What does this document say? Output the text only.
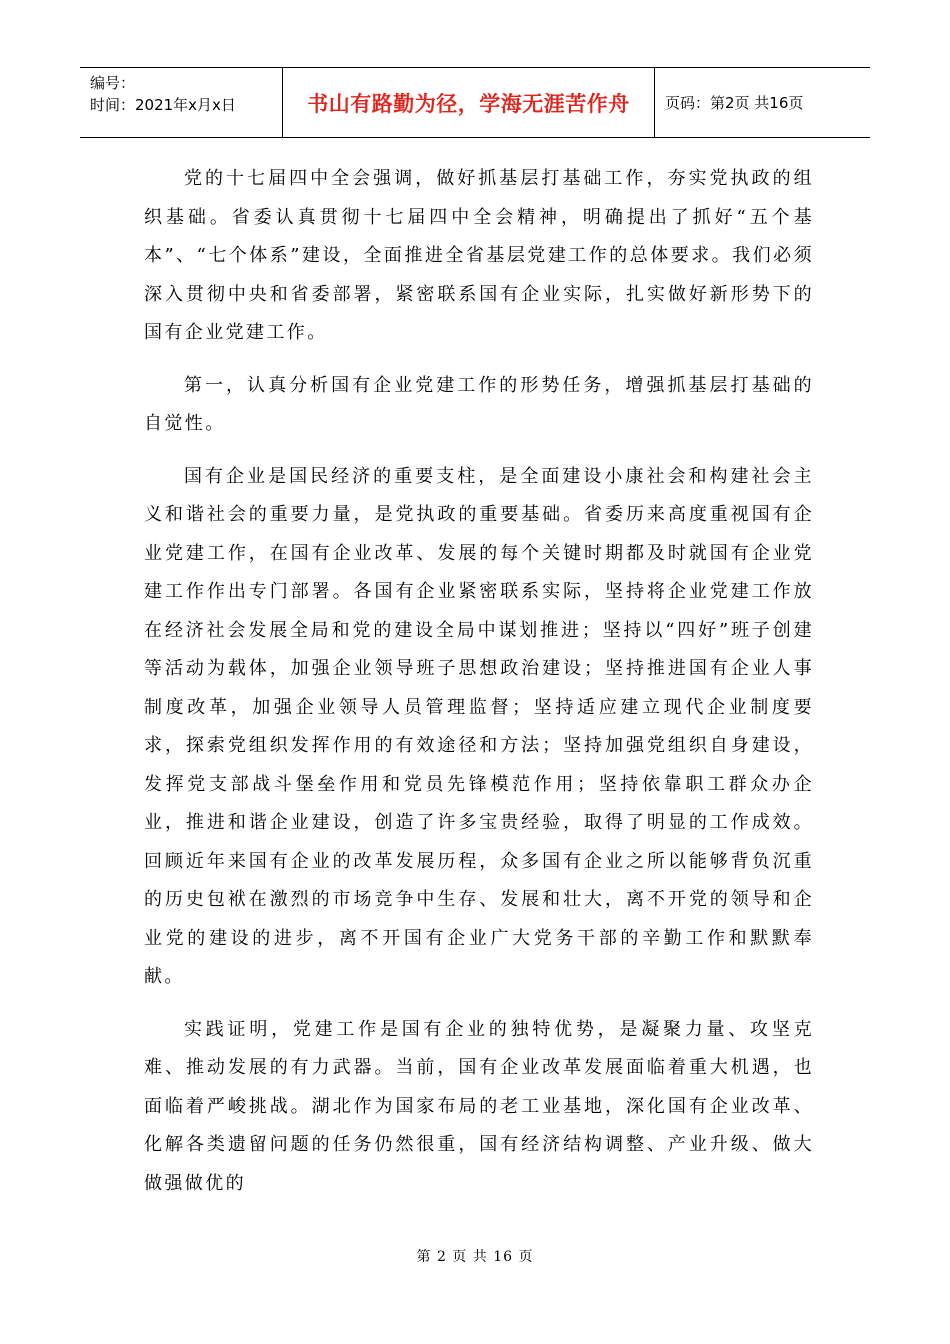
编号：
时间：2021年x月x日	书山有路勤为径，学海无涯苦作舟	页码：第2页 共16页

党的十七届四中全会强调，做好抓基层打基础工作，夯实党执政的组织基础。省委认真贯彻十七届四中全会精神，明确提出了抓好“五个基本”、“七个体系”建设，全面推进全省基层党建工作的总体要求。我们必须深入贯彻中央和省委部署，紧密联系国有企业实际，扎实做好新形势下的国有企业党建工作。

第一，认真分析国有企业党建工作的形势任务，增强抓基层打基础的自觉性。

国有企业是国民经济的重要支柱，是全面建设小康社会和构建社会主义和谐社会的重要力量，是党执政的重要基础。省委历来高度重视国有企业党建工作，在国有企业改革、发展的每个关键时期都及时就国有企业党建工作作出专门部署。各国有企业紧密联系实际，坚持将企业党建工作放在经济社会发展全局和党的建设全局中谋划推进；坚持以“四好”班子创建等活动为载体，加强企业领导班子思想政治建设；坚持推进国有企业人事制度改革，加强企业领导人员管理监督；坚持适应建立现代企业制度要求，探索党组织发挥作用的有效途径和方法；坚持加强党组织自身建设，发挥党支部战斗堡垒作用和党员先锋模范作用；坚持依靠职工群众办企业，推进和谐企业建设，创造了许多宝贵经验，取得了明显的工作成效。回顾近年来国有企业的改革发展历程，众多国有企业之所以能够背负沉重的历史包袱在激烈的市场竞争中生存、发展和壮大，离不开党的领导和企业党的建设的进步，离不开国有企业广大党务干部的辛勤工作和默默奉献。

实践证明，党建工作是国有企业的独特优势，是凝聚力量、攻坚克难、推动发展的有力武器。当前，国有企业改革发展面临着重大机遇，也面临着严峻挑战。湖北作为国家布局的老工业基地，深化国有企业改革、化解各类遗留问题的任务仍然很重，国有经济结构调整、产业升级、做大做强做优的

第 2 页 共 16 页
